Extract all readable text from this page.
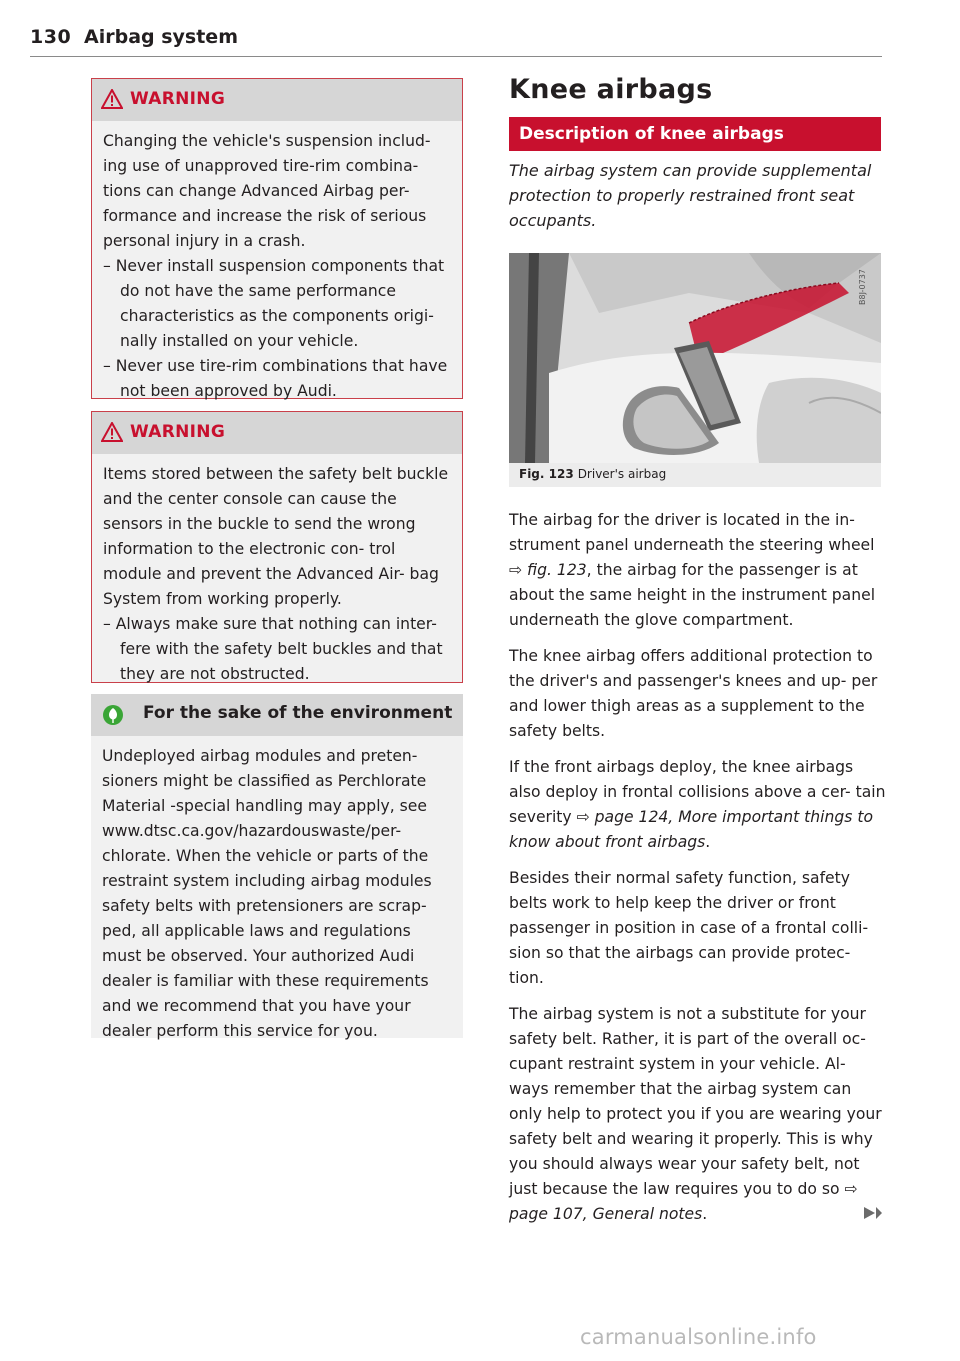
130 Airbag system
WARNING

Changing the vehicle's suspension includ- ing use of unapproved tire-rim combina- tions can change Advanced Airbag per- formance and increase the risk of serious personal injury in a crash.

– Never install suspension components that do not have the same performance characteristics as the components origi- nally installed on your vehicle.

– Never use tire-rim combinations that have not been approved by Audi.

WARNING

Items stored between the safety belt buckle and the center console can cause the sensors in the buckle to send the wrong information to the electronic con- trol module and prevent the Advanced Air- bag System from working properly.

– Always make sure that nothing can inter- fere with the safety belt buckles and that they are not obstructed.

For the sake of the environment

Undeployed airbag modules and preten- sioners might be classified as Perchlorate Material -special handling may apply, see www.dtsc.ca.gov/hazardouswaste/per- chlorate. When the vehicle or parts of the restraint system including airbag modules safety belts with pretensioners are scrap- ped, all applicable laws and regulations must be observed. Your authorized Audi dealer is familiar with these requirements and we recommend that you have your dealer perform this service for you.

Knee airbags
Description of knee airbags

The airbag system can provide supplemental protection to properly restrained front seat occupants.

B8J-0737
Fig. 123 Driver's airbag

The airbag for the driver is located in the in- strument panel underneath the steering wheel ⇨ fig. 123, the airbag for the passenger is at about the same height in the instrument panel underneath the glove compartment.

The knee airbag offers additional protection to the driver's and passenger's knees and up- per and lower thigh areas as a supplement to the safety belts.

If the front airbags deploy, the knee airbags also deploy in frontal collisions above a cer- tain severity ⇨ page 124, More important things to know about front airbags.

Besides their normal safety function, safety belts work to help keep the driver or front passenger in position in case of a frontal colli- sion so that the airbags can provide protec- tion.

The airbag system is not a substitute for your safety belt. Rather, it is part of the overall oc- cupant restraint system in your vehicle. Al- ways remember that the airbag system can only help to protect you if you are wearing your safety belt and wearing it properly. This is why you should always wear your safety belt, not just because the law requires you to do so ⇨ page 107, General notes.

carmanualsonline.info
